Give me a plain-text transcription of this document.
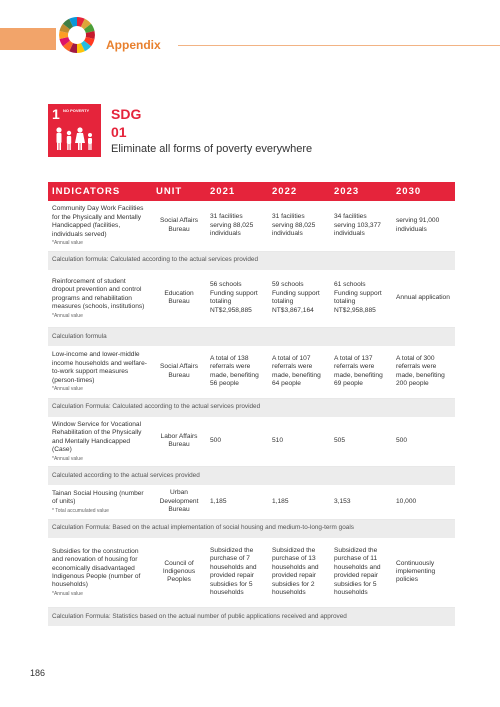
Appendix
1 NO POVERTY SDG
01
Eliminate all forms of poverty everywhere
INDICATORS	UNIT	2021	2022	2023	2030
Community Day Work Facilities for the Physically and Mentally Handicapped (facilities, individuals served)
*Annual value	Social Affairs Bureau	31 facilities serving 88,025 individuals	31 facilities serving 88,025 individuals	34 facilities serving 103,377 individuals	serving 91,000 individuals
Calculation formula: Calculated according to the actual services provided					
Reinforcement of student dropout prevention and control programs and rehabilitation measures (schools, institutions)
*Annual value	Education Bureau	56 schools Funding support totaling NT$2,958,885	59 schools Funding support totaling NT$3,867,164	61 schools Funding support totaling NT$2,958,885	Annual application
Calculation formula					
Low-income and lower-middle income households and welfare-to-work support measures (person-times)
*Annual value	Social Affairs Bureau	A total of 138 referrals were made, benefiting 56 people	A total of 107 referrals were made, benefiting 64 people	A total of 137 referrals were made, benefiting 69 people	A total of 300 referrals were made, benefiting 200 people
Calculation Formula: Calculated according to the actual services provided					
Window Service for Vocational Rehabilitation of the Physically and Mentally Handicapped (Case)
*Annual value	Labor Affairs Bureau	500	510	505	500
Calculated according to the actual services provided					
Tainan Social Housing (number of units)
* Total accumulated value	Urban Development Bureau	1,185	1,185	3,153	10,000
Calculation Formula: Based on the actual implementation of social housing and medium-to-long-term goals					
Subsidies for the construction and renovation of housing for economically disadvantaged Indigenous People (number of households)
*Annual value	Council of Indigenous Peoples	Subsidized the purchase of 7 households and provided repair subsidies for 5 households	Subsidized the purchase of 13 households and provided repair subsidies for 2 households	Subsidized the purchase of 11 households and provided repair subsidies for 5 households	Continuously implementing policies
Calculation Formula: Statistics based on the actual number of public applications received and approved					
186
